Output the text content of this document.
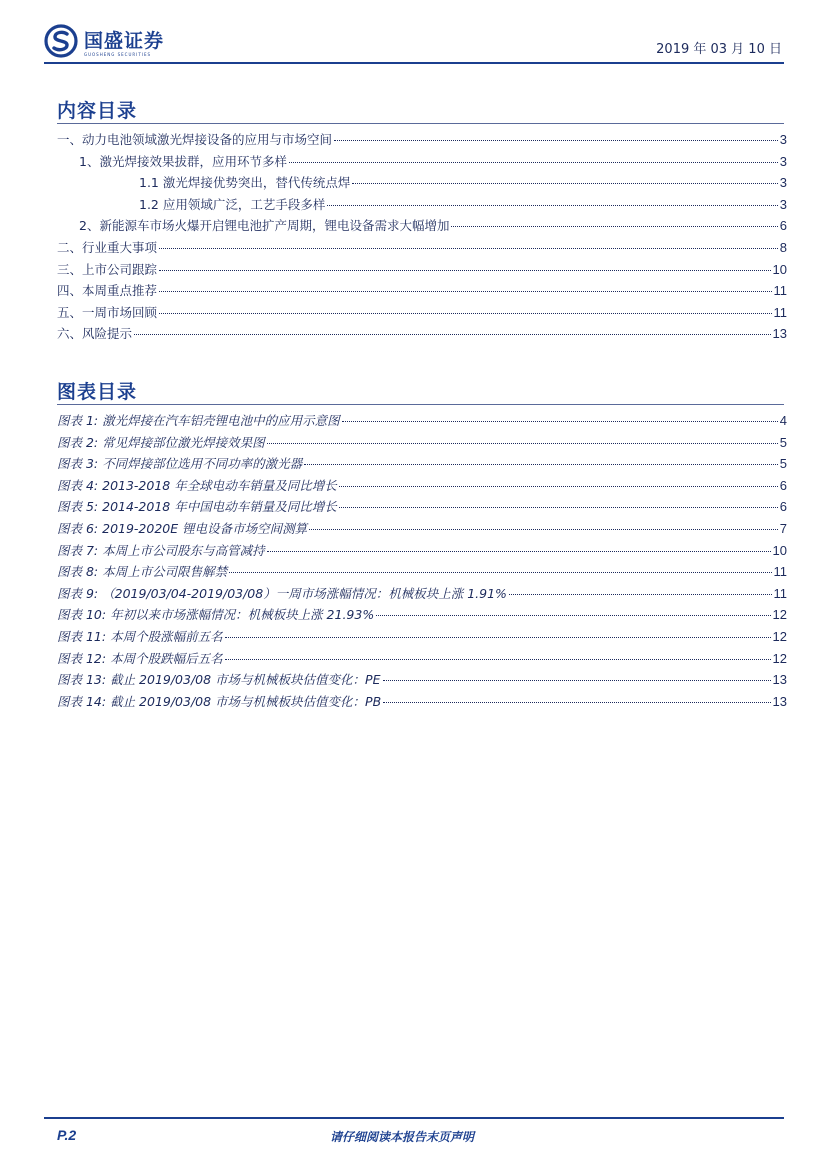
国盛证券
GUOSHENG SECURITIES	2019 年 03 月 10 日
内容目录
一、动力电池领域激光焊接设备的应用与市场空间	3
1、激光焊接效果拔群，应用环节多样	3
1.1 激光焊接优势突出，替代传统点焊	3
1.2 应用领域广泛，工艺手段多样	3
2、新能源车市场火爆开启锂电池扩产周期，锂电设备需求大幅增加	6
二、行业重大事项	8
三、上市公司跟踪	10
四、本周重点推荐	11
五、一周市场回顾	11
六、风险提示	13
图表目录
图表 1: 激光焊接在汽车铝壳锂电池中的应用示意图	4
图表 2: 常见焊接部位激光焊接效果图	5
图表 3: 不同焊接部位选用不同功率的激光器	5
图表 4: 2013-2018 年全球电动车销量及同比增长	6
图表 5: 2014-2018 年中国电动车销量及同比增长	6
图表 6: 2019-2020E 锂电设备市场空间测算	7
图表 7: 本周上市公司股东与高管减持	10
图表 8: 本周上市公司限售解禁	11
图表 9: （2019/03/04-2019/03/08）一周市场涨幅情况：机械板块上涨 1.91%	11
图表 10: 年初以来市场涨幅情况：机械板块上涨 21.93%	12
图表 11: 本周个股涨幅前五名	12
图表 12: 本周个股跌幅后五名	12
图表 13: 截止 2019/03/08 市场与机械板块估值变化：PE	13
图表 14: 截止 2019/03/08 市场与机械板块估值变化：PB	13
P.2	请仔细阅读本报告末页声明
